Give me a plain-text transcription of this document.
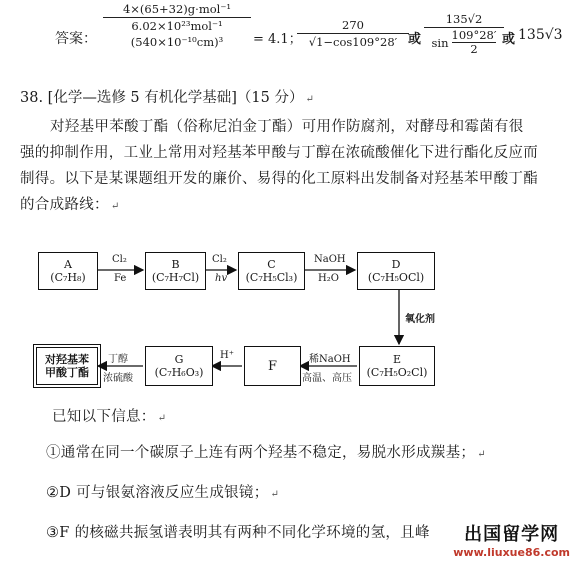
答案：
4×(65+32)g·mol⁻¹
6.02×10²³mol⁻¹
(540×10⁻¹⁰cm)³	= 4.1；
270
√1−cos109°28′ 或
135√2
sin
109°28′
2
或 135√3
38. [化学—选修 5 有机化学基础]（15 分） ↵
对羟基甲苯酸丁酯（俗称尼泊金丁酯）可用作防腐剂，对酵母和霉菌有很
强的抑制作用，工业上常用对羟基苯甲酸与丁醇在浓硫酸催化下进行酯化反应而
制得。以下是某课题组开发的廉价、易得的化工原料出发制备对羟基苯甲酸丁酯
的合成路线： ↵
A
(C₇H₈)
B
(C₇H₇Cl)
C
(C₇H₅Cl₃)
D
(C₇H₅OCl)
E
(C₇H₅O₂Cl)
F
G
(C₇H₆O₃)
对羟基苯
甲酸丁酯
Cl₂
Fe
Cl₂
hv
NaOH
H₂O
氧化剂
稀NaOH
高温、高压
H⁺
丁醇
浓硫酸
已知以下信息： ↵
①通常在同一个碳原子上连有两个羟基不稳定，易脱水形成羰基； ↵
②D 可与银氨溶液反应生成银镜； ↵
③F 的核磁共振氢谱表明其有两种不同化学环境的氢，且峰	出国留学网
www.liuxue86.com
